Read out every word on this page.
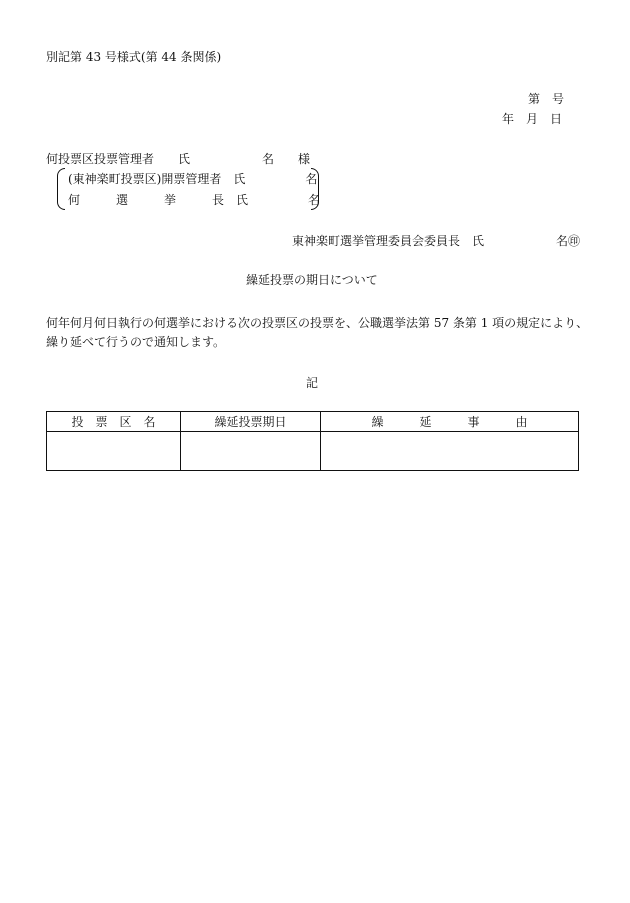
別記第 43 号様式(第 44 条関係)
第　号
年　月　日
何投票区投票管理者　　氏　　　　　　名　　様
(東神楽町投票区)開票管理者　氏　　　　　名
何　　　選　　　挙　　　長　氏　　　　　名
東神楽町選挙管理委員会委員長　氏　　　　　　名㊞
繰延投票の期日について
何年何月何日執行の何選挙における次の投票区の投票を、公職選挙法第 57 条第 1 項の規定により、
繰り延べて行うので通知します。
記
投　票　区　名	繰延投票期日	繰　　　延　　　事　　　由
